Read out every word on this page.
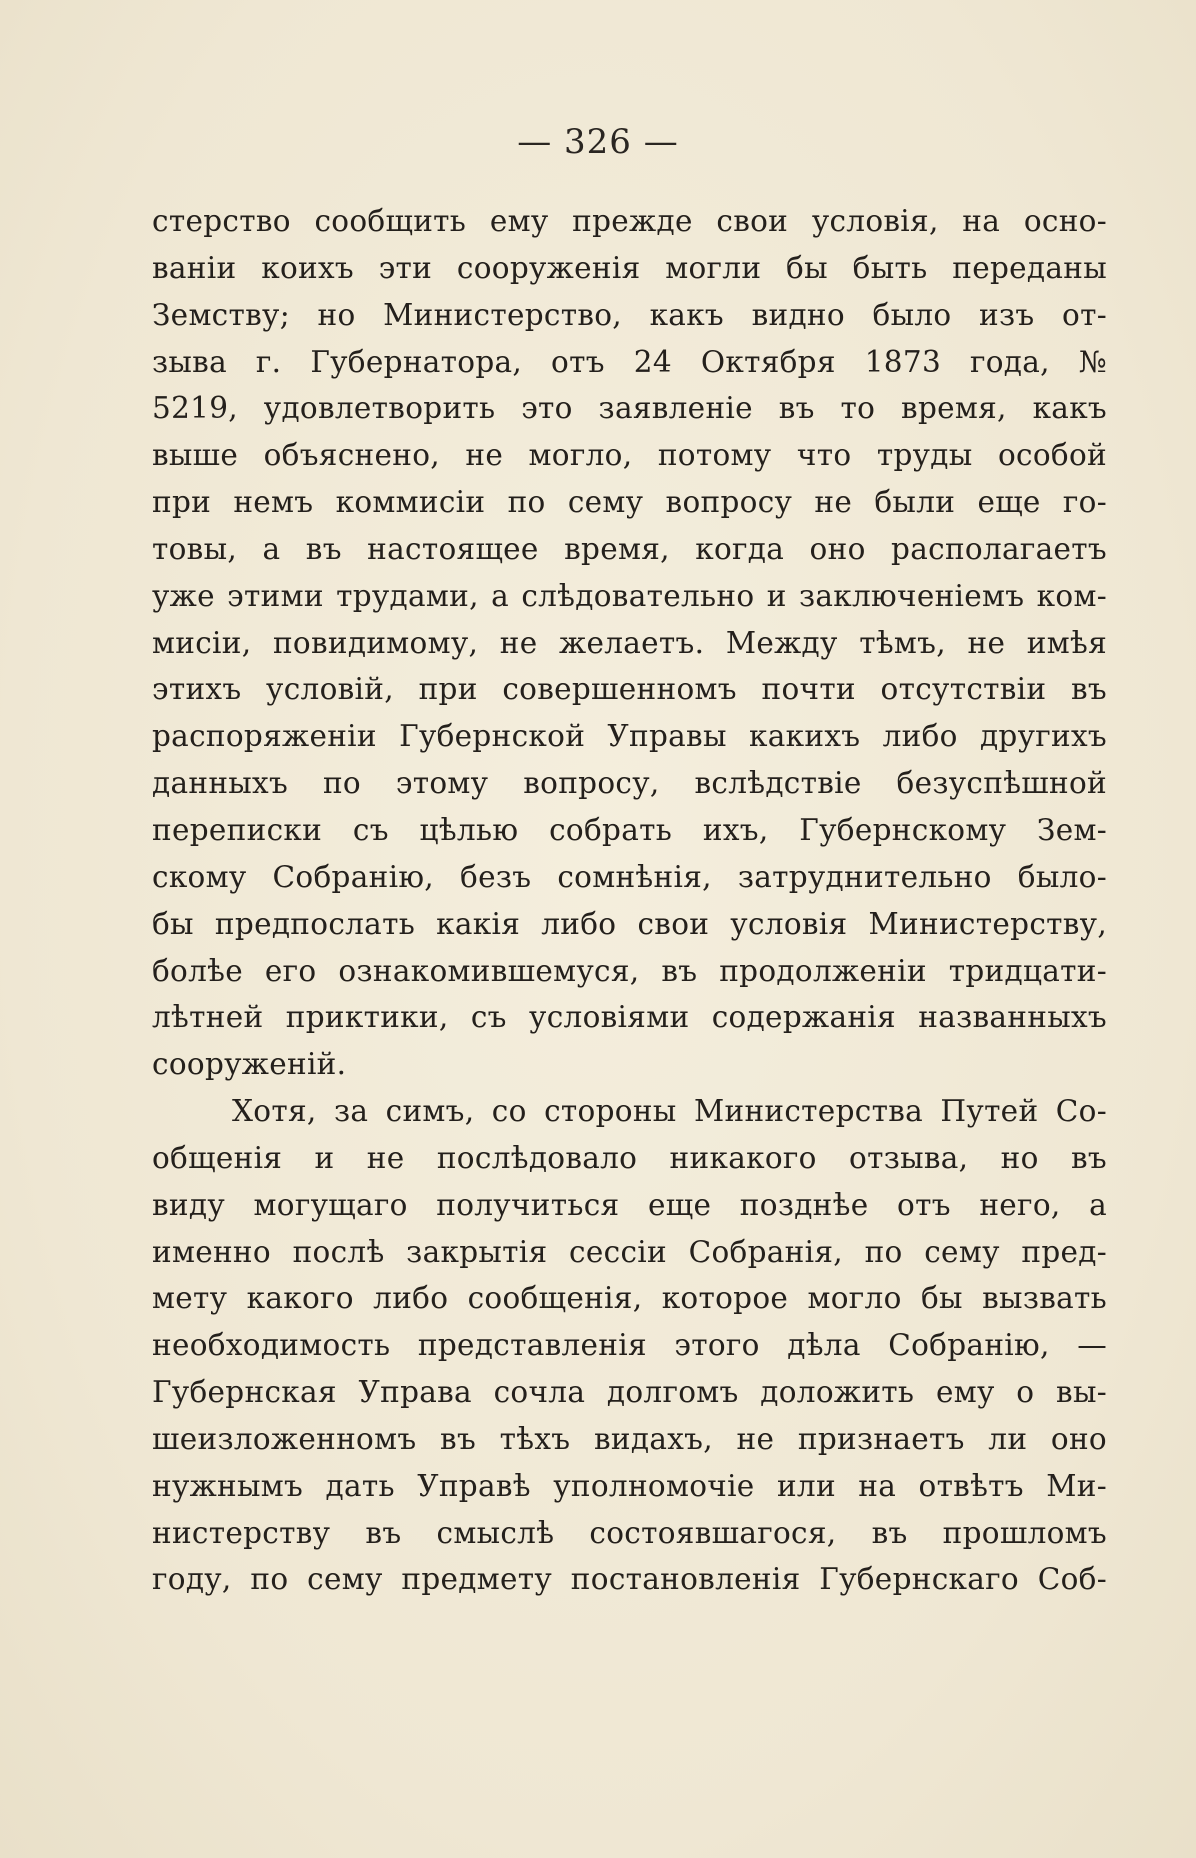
— 326 —
стерство сообщить ему прежде свои условія, на осно-
ваніи коихъ эти сооруженія могли бы быть переданы
Земству; но Министерство, какъ видно было изъ от-
зыва г. Губернатора, отъ 24 Октября 1873 года, №
5219, удовлетворить это заявленіе въ то время, какъ
выше объяснено, не могло, потому что труды особой
при немъ коммисіи по сему вопросу не были еще го-
товы, а въ настоящее время, когда оно располагаетъ
уже этими трудами, а слѣдовательно и заключеніемъ ком-
мисіи, повидимому, не желаетъ. Между тѣмъ, не имѣя
этихъ условій, при совершенномъ почти отсутствіи въ
распоряженіи Губернской Управы какихъ либо другихъ
данныхъ по этому вопросу, вслѣдствіе безуспѣшной
переписки съ цѣлью собрать ихъ, Губернскому Зем-
скому Собранію, безъ сомнѣнія, затруднительно было-
бы предпослать какія либо свои условія Министерству,
болѣе его ознакомившемуся, въ продолженіи тридцати-
лѣтней приктики, съ условіями содержанія названныхъ
сооруженій.
Хотя, за симъ, со стороны Министерства Путей Со-
общенія и не послѣдовало никакого отзыва, но въ
виду могущаго получиться еще позднѣе отъ него, а
именно послѣ закрытія сессіи Собранія, по сему пред-
мету какого либо сообщенія, которое могло бы вызвать
необходимость представленія этого дѣла Собранію, —
Губернская Управа сочла долгомъ доложить ему о вы-
шеизложенномъ въ тѣхъ видахъ, не признаетъ ли оно
нужнымъ дать Управѣ уполномочіе или на отвѣтъ Ми-
нистерству въ смыслѣ состоявшагося, въ прошломъ
году, по сему предмету постановленія Губернскаго Соб-
